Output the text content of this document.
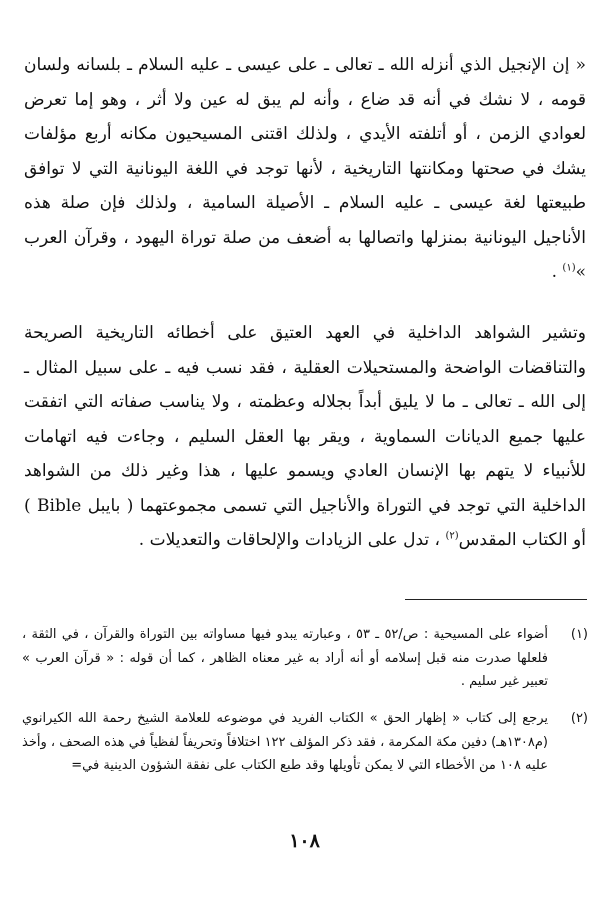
« إن الإنجيل الذي أنزله الله ـ تعالى ـ على عيسى ـ عليه السلام ـ بلسانه ولسان قومه ، لا نشك في أنه قد ضاع ، وأنه لم يبق له عين ولا أثر ، وهو إما تعرض لعوادي الزمن ، أو أتلفته الأيدي ، ولذلك اقتنى المسيحيون مكانه أربع مؤلفات يشك في صحتها ومكانتها التاريخية ، لأنها توجد في اللغة اليونانية التي لا توافق طبيعتها لغة عيسى ـ عليه السلام ـ الأصيلة السامية ، ولذلك فإن صلة هذه الأناجيل اليونانية بمنزلها واتصالها به أضعف من صلة توراة اليهود ، وقرآن العرب »$^{(١)}$ .

وتشير الشواهد الداخلية في العهد العتيق على أخطائه التاريخية الصريحة والتناقضات الواضحة والمستحيلات العقلية ، فقد نسب فيه ـ على سبيل المثال ـ إلى الله ـ تعالى ـ ما لا يليق أبداً بجلاله وعظمته ، ولا يناسب صفاته التي اتفقت عليها جميع الديانات السماوية ، ويقر بها العقل السليم ، وجاءت فيه اتهامات للأنبياء لا يتهم بها الإنسان العادي ويسمو عليها ، هذا وغير ذلك من الشواهد الداخلية التي توجد في التوراة والأناجيل التي تسمى مجموعتهما ( بايبل Bible ) أو الكتاب المقدس$^{(٢)}$ ، تدل على الزيادات والإلحاقات والتعديلات .

(١)
أضواء على المسيحية : ص/٥٢ ـ ٥٣ ، وعبارته يبدو فيها مساواته بين التوراة والقرآن ، في الثقة ، فلعلها صدرت منه قبل إسلامه أو أنه أراد به غير معناه الظاهر ، كما أن قوله : « قرآن العرب » تعبير غير سليم .
(٢)
يرجع إلى كتاب « إظهار الحق » الكتاب الفريد في موضوعه للعلامة الشيخ رحمة الله الكيرانوي (م١٣٠٨هـ) دفين مكة المكرمة ، فقد ذكر المؤلف ١٢٢ اختلافاً وتحريفاً لفظياً في هذه الصحف ، وأخذ عليه ١٠٨ من الأخطاء التي لا يمكن تأويلها وقد طبع الكتاب على نفقة الشؤون الدينية في=
١٠٨
